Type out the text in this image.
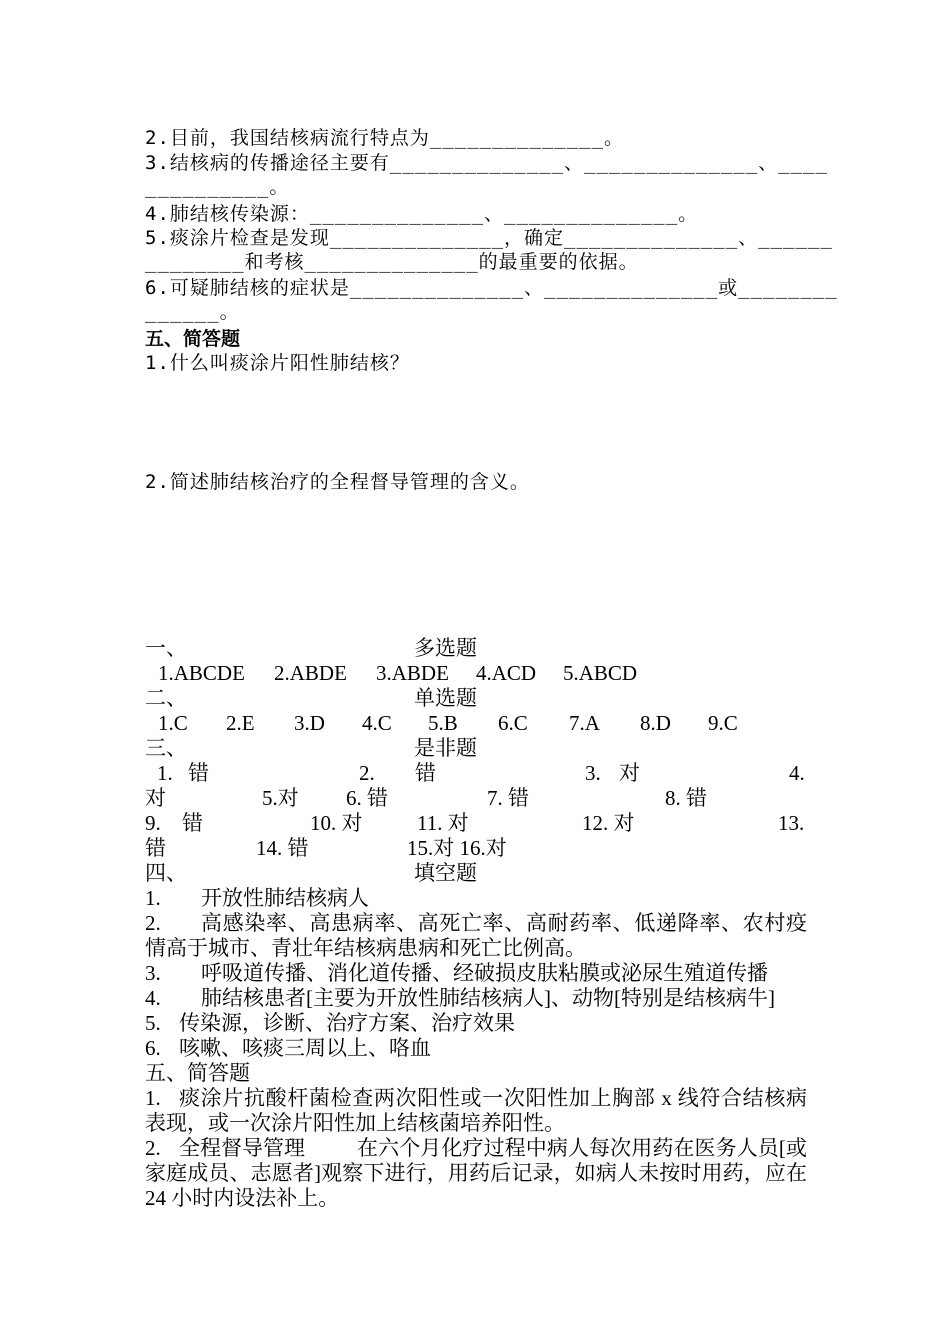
2.目前，我国结核病流行特点为______________。
3.结核病的传播途径主要有______________、______________、____
__________。
4.肺结核传染源：______________、______________。
5.痰涂片检查是发现______________，确定______________、______
________和考核______________的最重要的依据。
6.可疑肺结核的症状是______________、______________或________
______。
五、简答题
1.什么叫痰涂片阳性肺结核？
2.简述肺结核治疗的全程督导管理的含义。
一、	多选题
1.ABCDE 2.ABDE 3.ABDE 4.ACD 5.ABCD
二、	单选题
1.C 2.E 3.D 4.C 5.B 6.C 7.A 8.D 9.C
三、	是非题
1. 错	2. 错	3. 对	4.
对	5.对 6. 错	7. 错	8. 错
9. 错	10. 对	11. 对	12. 对	13.
错	14. 错	15.对 16.对
四、	填空题
1. 开放性肺结核病人
2.	高感染率、高患病率、高死亡率、高耐药率、低递降率、农村疫情高于城市、青壮年结核病患病和死亡比例高。
3. 呼吸道传播、消化道传播、经破损皮肤粘膜或泌尿生殖道传播
4. 肺结核患者[主要为开放性肺结核病人]、动物[特别是结核病牛]
5. 传染源，诊断、治疗方案、治疗效果
6. 咳嗽、咳痰三周以上、咯血
五、简答题
1. 痰涂片抗酸杆菌检查两次阳性或一次阳性加上胸部 x 线符合结核病表现，或一次涂片阳性加上结核菌培养阳性。
2. 全程督导管理	在六个月化疗过程中病人每次用药在医务人员[或家庭成员、志愿者]观察下进行，用药后记录，如病人未按时用药，应在 24 小时内设法补上。
